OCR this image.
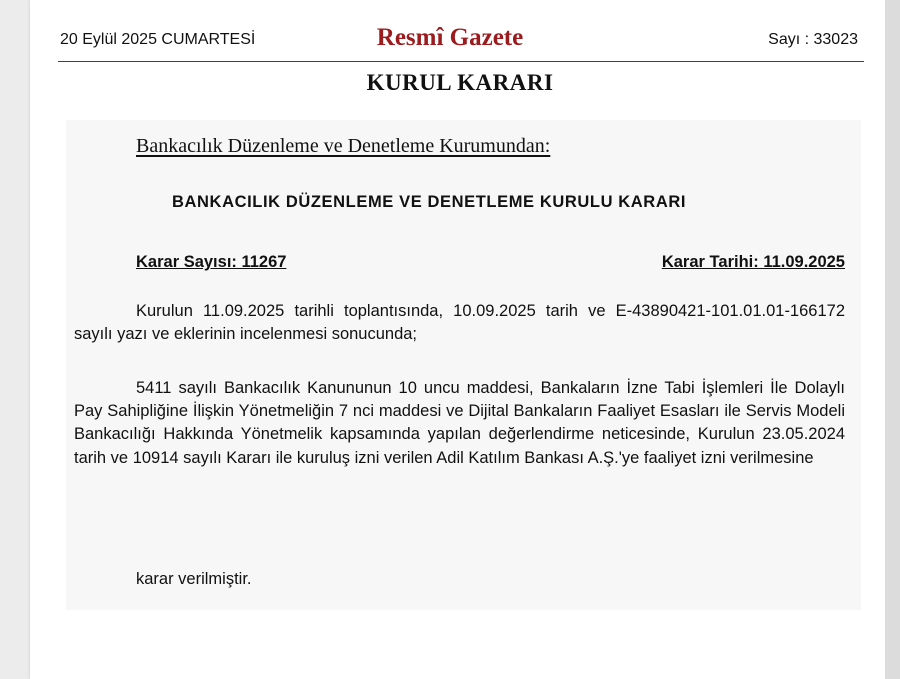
20 Eylül 2025 CUMARTESİ	Resmî Gazete	Sayı : 33023
KURUL KARARI
Bankacılık Düzenleme ve Denetleme Kurumundan:
BANKACILIK DÜZENLEME VE DENETLEME KURULU KARARI
Karar Sayısı: 11267	Karar Tarihi: 11.09.2025

Kurulun 11.09.2025 tarihli toplantısında, 10.09.2025 tarih ve E-43890421-101.01.01-166172 sayılı yazı ve eklerinin incelenmesi sonucunda;

5411 sayılı Bankacılık Kanununun 10 uncu maddesi, Bankaların İzne Tabi İşlemleri İle Dolaylı Pay Sahipliğine İlişkin Yönetmeliğin 7 nci maddesi ve Dijital Bankaların Faaliyet Esasları ile Servis Modeli Bankacılığı Hakkında Yönetmelik kapsamında yapılan değerlendirme neticesinde, Kurulun 23.05.2024 tarih ve 10914 sayılı Kararı ile kuruluş izni verilen Adil Katılım Bankası A.Ş.'ye faaliyet izni verilmesine

karar verilmiştir.
